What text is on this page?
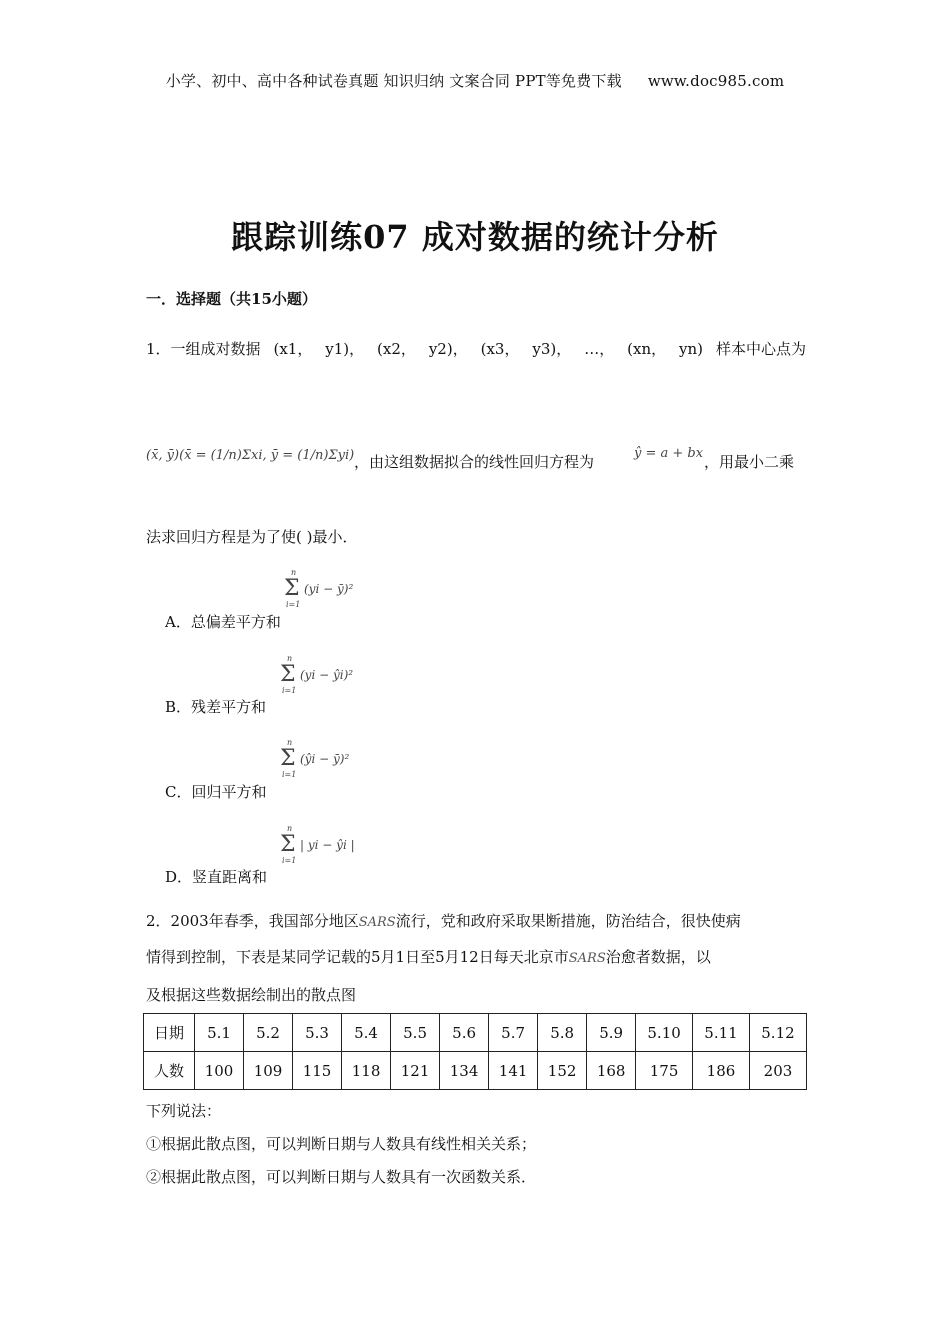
小学、初中、高中各种试卷真题 知识归纳 文案合同 PPT等免费下载 www.doc985.com
跟踪训练07 成对数据的统计分析
一．选择题（共15小题）
1．一组成对数据 (x1， y1)， (x2， y2)， (x3， y3)， …， (xn， yn) 样本中心点为
(x̄, ȳ)(x̄ = (1/n)Σxi, ȳ = (1/n)Σyi) ，由这组数据拟合的线性回归方程为	ŷ = a + bx ，用最小二乘
法求回归方程是为了使( )最小．
n
Σ
i=1
(yi − ȳ)²
A．总偏差平方和
n
Σ
i=1
(yi − ŷi)²
B．残差平方和
n
Σ
i=1
(ŷi − ȳ)²
C．回归平方和
n
Σ
i=1
| yi − ŷi |
D．竖直距离和
2．2003年春季，我国部分地区SARS流行，党和政府采取果断措施，防治结合，很快使病
情得到控制，下表是某同学记载的5月1日至5月12日每天北京市SARS治愈者数据，以
及根据这些数据绘制出的散点图
日期	5.1	5.2	5.3	5.4	5.5	5.6	5.7	5.8	5.9	5.10	5.11	5.12
人数	100	109	115	118	121	134	141	152	168	175	186	203
下列说法：
①根据此散点图，可以判断日期与人数具有线性相关关系；
②根据此散点图，可以判断日期与人数具有一次函数关系．
